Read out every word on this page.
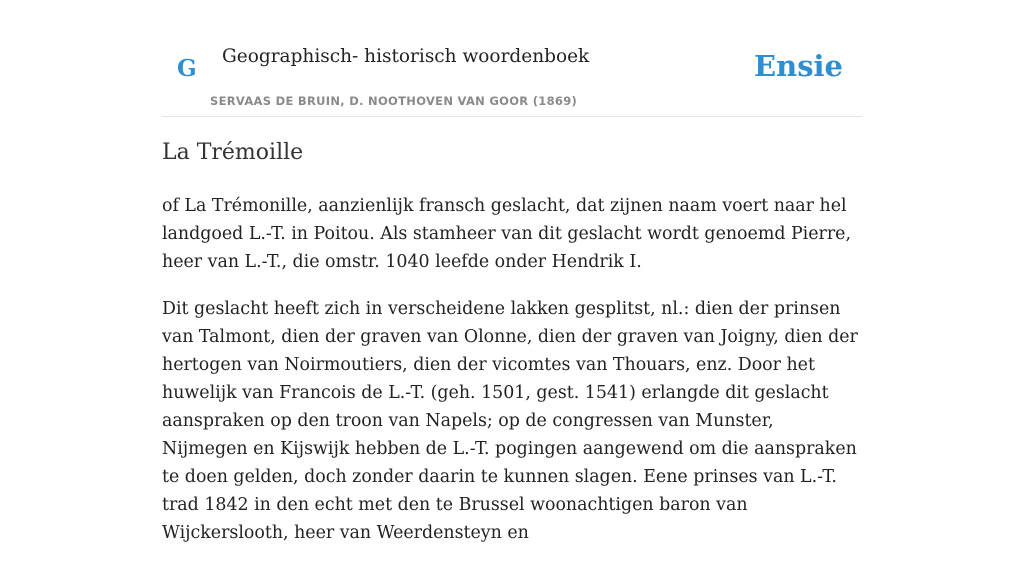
G Geographisch- historisch woordenboek
SERVAAS DE BRUIN, D. NOOTHOVEN VAN GOOR (1869)
Ensie
La Trémoille

of La Trémonille, aanzienlijk fransch geslacht, dat zijnen naam voert naar hel landgoed L.-T. in Poitou. Als stamheer van dit geslacht wordt genoemd Pierre, heer van L.-T., die omstr. 1040 leefde onder Hendrik I.

Dit geslacht heeft zich in verscheidene lakken gesplitst, nl.: dien der prinsen van Talmont, dien der graven van Olonne, dien der graven van Joigny, dien der hertogen van Noirmoutiers, dien der vicomtes van Thouars, enz. Door het huwelijk van Francois de L.-T. (geh. 1501, gest. 1541) erlangde dit geslacht aanspraken op den troon van Napels; op de congressen van Munster, Nijmegen en Kijswijk hebben de L.-T. pogingen aangewend om die aanspraken te doen gelden, doch zonder daarin te kunnen slagen. Eene prinses van L.-T. trad 1842 in den echt met den te Brussel woonachtigen baron van Wijckerslooth, heer van Weerdensteyn en
